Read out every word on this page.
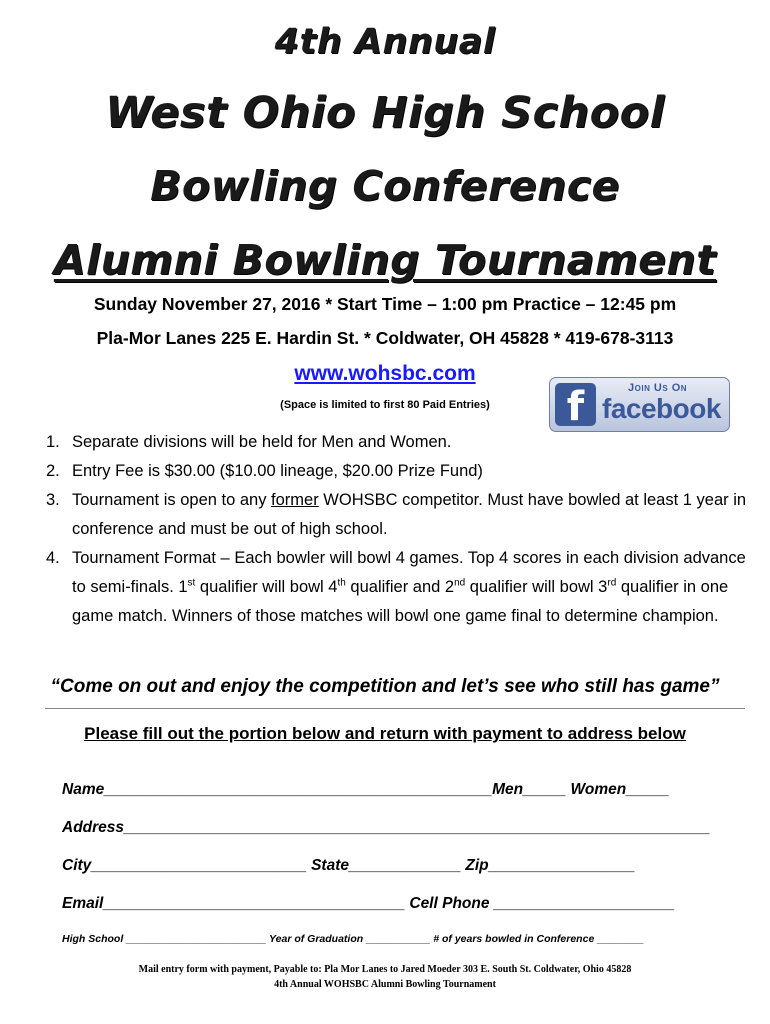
4th Annual
West Ohio High School
Bowling Conference
Alumni Bowling Tournament
Sunday November 27, 2016 * Start Time – 1:00 pm Practice – 12:45 pm
Pla-Mor Lanes 225 E. Hardin St. * Coldwater, OH 45828 * 419-678-3113
www.wohsbc.com
(Space is limited to first 80 Paid Entries)	f	Join Us On
facebook
1. Separate divisions will be held for Men and Women.
2. Entry Fee is $30.00 ($10.00 lineage, $20.00 Prize Fund)
3. Tournament is open to any former WOHSBC competitor. Must have bowled at least 1 year in conference and must be out of high school.
4. Tournament Format – Each bowler will bowl 4 games. Top 4 scores in each division advance to semi-finals. 1st qualifier will bowl 4th qualifier and 2nd qualifier will bowl 3rd qualifier in one game match. Winners of those matches will bowl one game final to determine champion.
“Come on out and enjoy the competition and let’s see who still has game”
Please fill out the portion below and return with payment to address below
Name_____________________________________________Men_____ Women_____
Address____________________________________________________________________
City_________________________ State_____________ Zip_________________
Email___________________________________ Cell Phone _____________________
High School ________________________ Year of Graduation ___________ # of years bowled in Conference ________
Mail entry form with payment, Payable to: Pla Mor Lanes to Jared Moeder 303 E. South St. Coldwater, Ohio 45828
4th Annual WOHSBC Alumni Bowling Tournament
